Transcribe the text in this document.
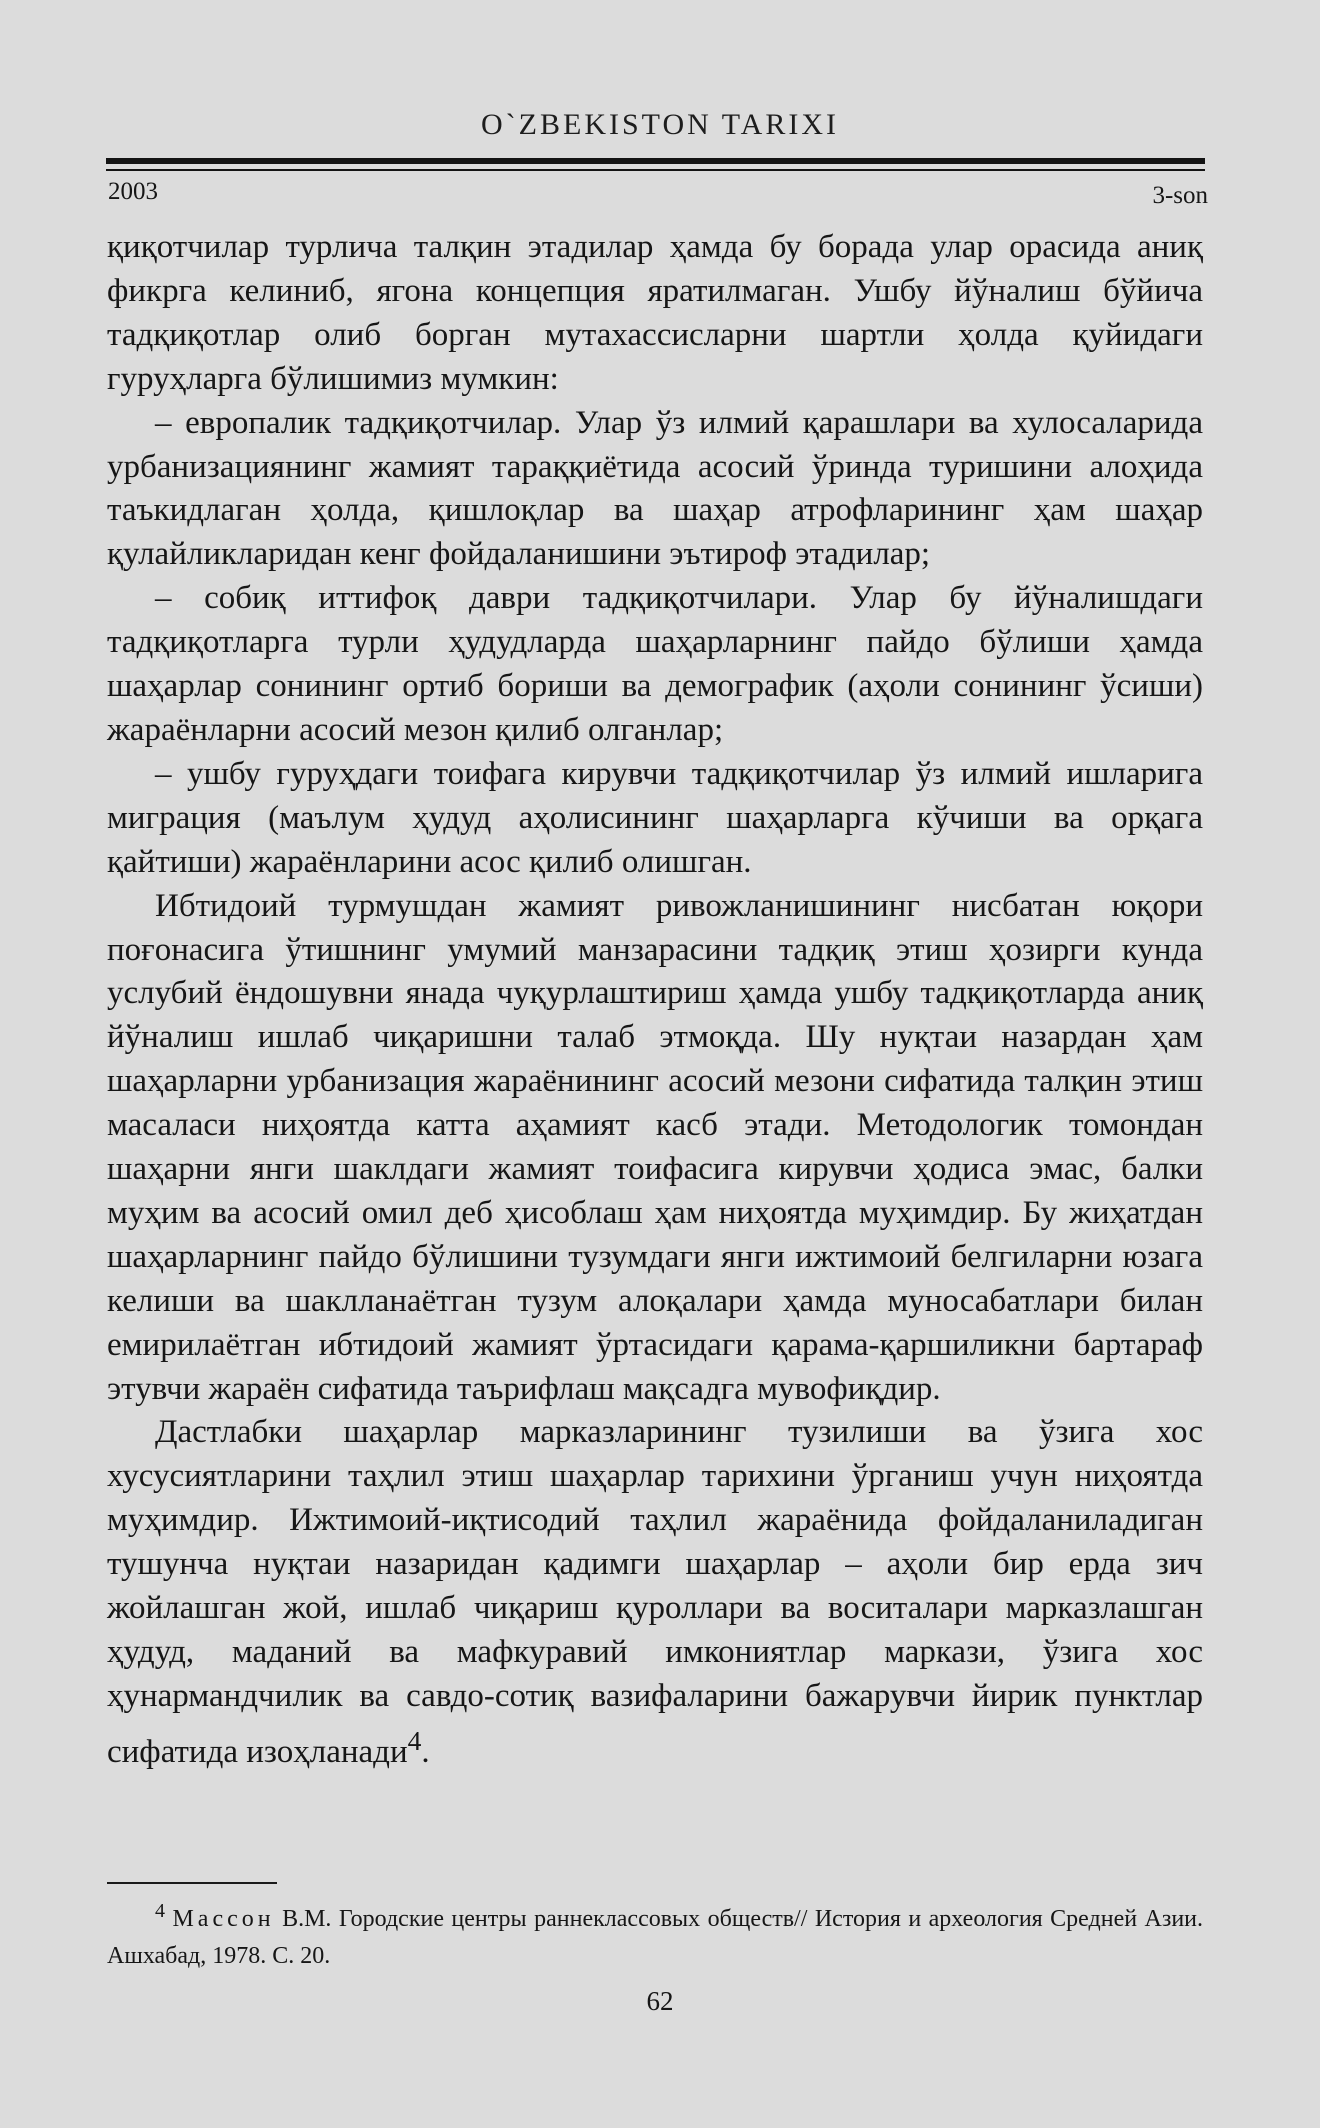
O`ZBEKISTON TARIXI
2003	3-son

қиқотчилар турлича талқин этадилар ҳамда бу борада улар орасида аниқ фикрга келиниб, ягона концепция яратилмаган. Ушбу йўналиш бўйича тадқиқотлар олиб борган мутахассисларни шартли ҳолда қуйидаги гуруҳларга бўлишимиз мумкин:

– европалик тадқиқотчилар. Улар ўз илмий қарашлари ва хулосаларида урбанизациянинг жамият тараққиётида асосий ўринда туришини алоҳида таъкидлаган ҳолда, қишлоқлар ва шаҳар атрофларининг ҳам шаҳар қулайликларидан кенг фойдаланишини эътироф этадилар;

– собиқ иттифоқ даври тадқиқотчилари. Улар бу йўналишдаги тадқиқотларга турли ҳудудларда шаҳарларнинг пайдо бўлиши ҳамда шаҳарлар сонининг ортиб бориши ва демографик (аҳоли сонининг ўсиши) жараёнларни асосий мезон қилиб олганлар;

– ушбу гуруҳдаги тоифага кирувчи тадқиқотчилар ўз илмий ишларига миграция (маълум ҳудуд аҳолисининг шаҳарларга кўчиши ва орқага қайтиши) жараёнларини асос қилиб олишган.

Ибтидоий турмушдан жамият ривожланишининг нисбатан юқори поғонасига ўтишнинг умумий манзарасини тадқиқ этиш ҳозирги кунда услубий ёндошувни янада чуқурлаштириш ҳамда ушбу тадқиқотларда аниқ йўналиш ишлаб чиқаришни талаб этмоқда. Шу нуқтаи назардан ҳам шаҳарларни урбанизация жараёнининг асосий мезони сифатида талқин этиш масаласи ниҳоятда катта аҳамият касб этади. Методологик томондан шаҳарни янги шаклдаги жамият тоифасига кирувчи ҳодиса эмас, балки муҳим ва асосий омил деб ҳисоблаш ҳам ниҳоятда муҳимдир. Бу жиҳатдан шаҳарларнинг пайдо бўлишини тузумдаги янги ижтимоий белгиларни юзага келиши ва шаклланаётган тузум алоқалари ҳамда муносабатлари билан емирилаётган ибтидоий жамият ўртасидаги қарама-қаршиликни бартараф этувчи жараён сифатида таърифлаш мақсадга мувофиқдир.

Дастлабки шаҳарлар марказларининг тузилиши ва ўзига хос хусусиятларини таҳлил этиш шаҳарлар тарихини ўрганиш учун ниҳоятда муҳимдир. Ижтимоий-иқтисодий таҳлил жараёнида фойдаланиладиган тушунча нуқтаи назаридан қадимги шаҳарлар – аҳоли бир ерда зич жойлашган жой, ишлаб чиқариш қуроллари ва воситалари марказлашган ҳудуд, маданий ва мафкуравий имкониятлар маркази, ўзига хос ҳунармандчилик ва савдо-сотиқ вазифаларини бажарувчи йирик пунктлар сифатида изоҳланади$^4$.

$^4$ Массон В.М. Городские центры раннеклассовых обществ// История и археология Средней Азии. Ашхабад, 1978. С. 20.
62
